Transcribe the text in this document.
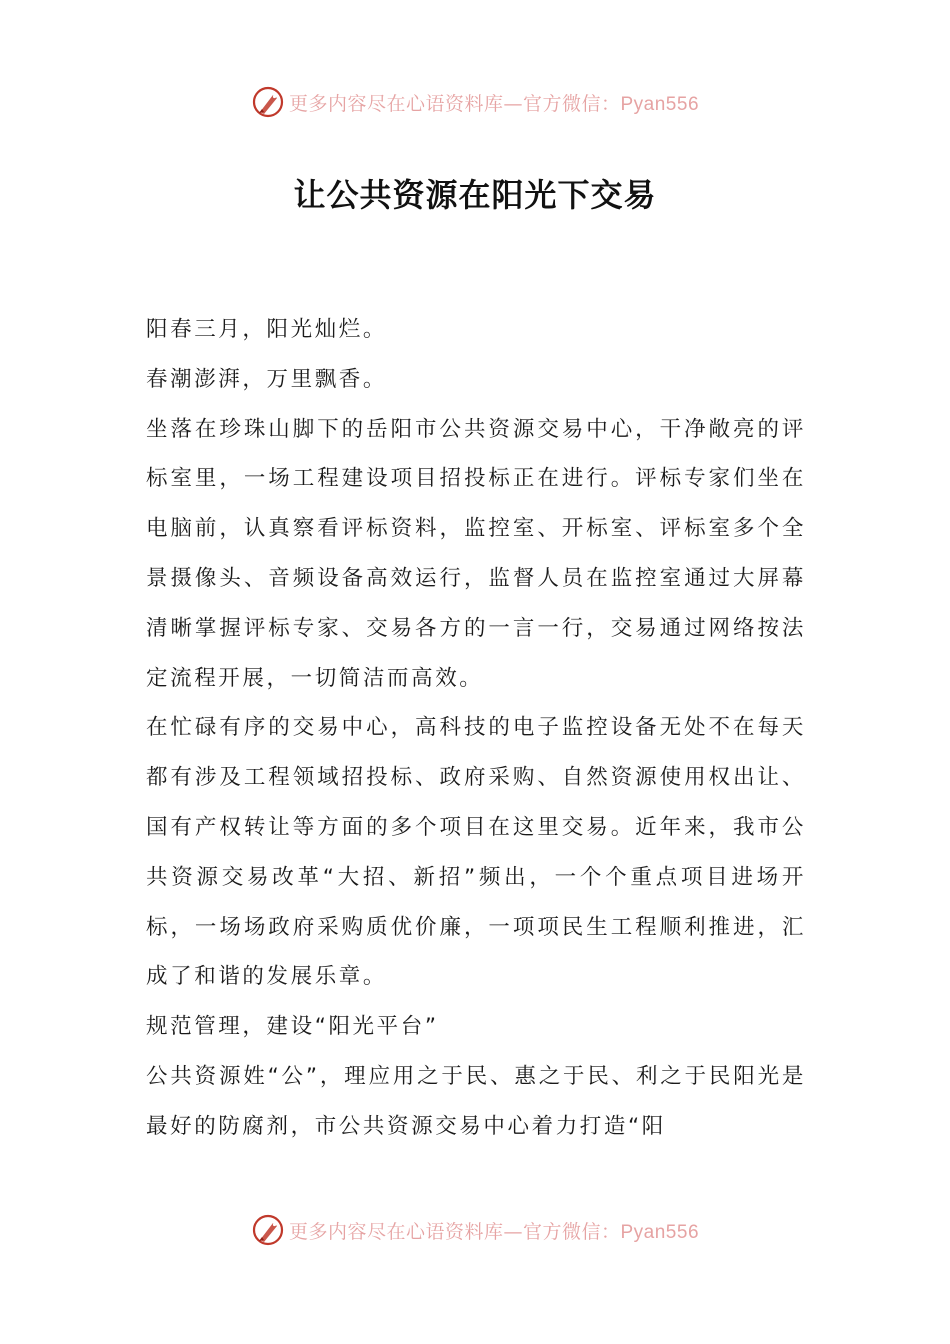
更多内容尽在心语资料库—官方微信：Pyan556
让公共资源在阳光下交易

阳春三月，阳光灿烂。

春潮澎湃，万里飘香。

坐落在珍珠山脚下的岳阳市公共资源交易中心，干净敞亮的评标室里，一场工程建设项目招投标正在进行。评标专家们坐在电脑前，认真察看评标资料，监控室、开标室、评标室多个全景摄像头、音频设备高效运行，监督人员在监控室通过大屏幕清晰掌握评标专家、交易各方的一言一行，交易通过网络按法定流程开展，一切简洁而高效。

在忙碌有序的交易中心，高科技的电子监控设备无处不在每天都有涉及工程领域招投标、政府采购、自然资源使用权出让、国有产权转让等方面的多个项目在这里交易。近年来，我市公共资源交易改革“大招、新招”频出，一个个重点项目进场开标，一场场政府采购质优价廉，一项项民生工程顺利推进，汇成了和谐的发展乐章。

规范管理，建设“阳光平台”

公共资源姓“公”，理应用之于民、惠之于民、利之于民阳光是最好的防腐剂，市公共资源交易中心着力打造“阳

更多内容尽在心语资料库—官方微信：Pyan556
